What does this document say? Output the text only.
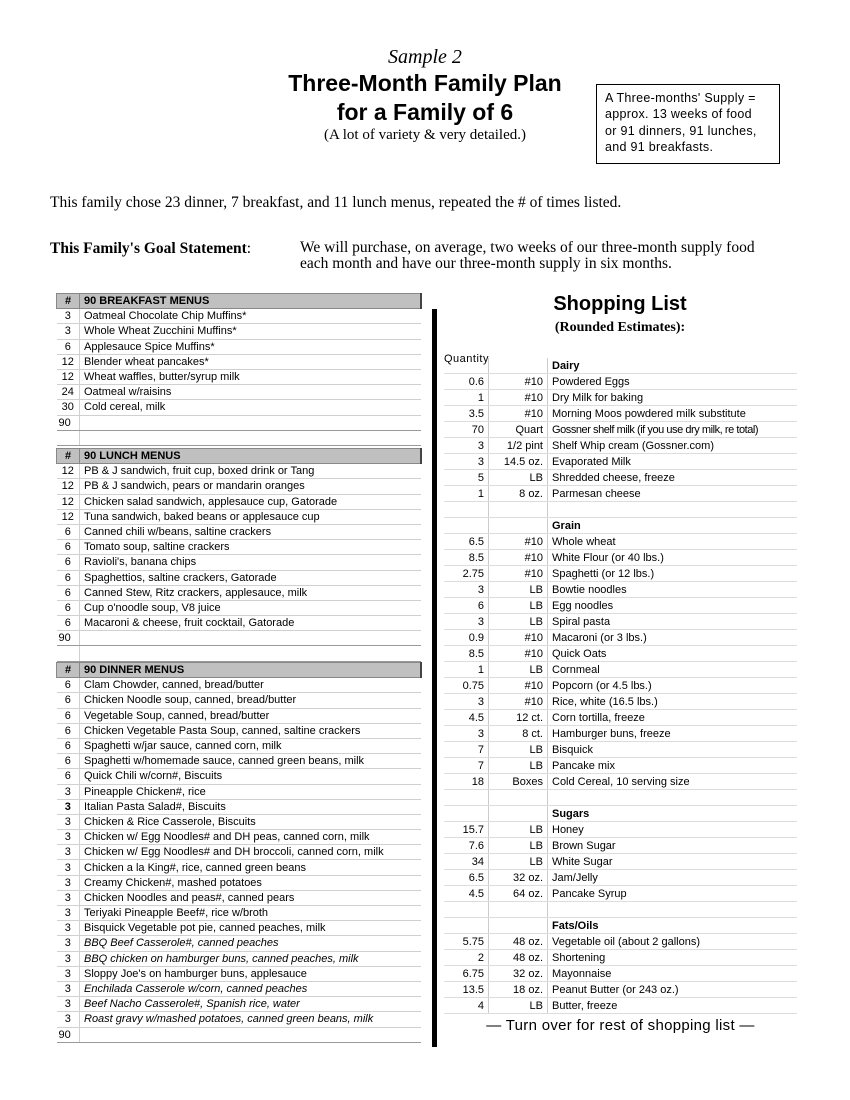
Sample 2
Three-Month Family Plan
for a Family of 6
(A lot of variety & very detailed.)
A Three-months' Supply =
approx. 13 weeks of food
or 91 dinners, 91 lunches,
and 91 breakfasts.
This family chose 23 dinner, 7 breakfast, and 11 lunch menus, repeated the # of times listed.
This Family's Goal Statement:	We will purchase, on average, two weeks of our three-month supply food
each month and have our three-month supply in six months.
#	90 BREAKFAST MENUS
3	Oatmeal Chocolate Chip Muffins*
3	Whole Wheat Zucchini Muffins*
6	Applesauce Spice Muffins*
12	Blender wheat pancakes*
12	Wheat waffles, butter/syrup milk
24	Oatmeal w/raisins
30	Cold cereal, milk
90	

#	90 LUNCH MENUS
12	PB & J sandwich, fruit cup, boxed drink or Tang
12	PB & J sandwich, pears or mandarin oranges
12	Chicken salad sandwich, applesauce cup, Gatorade
12	Tuna sandwich, baked beans or applesauce cup
6	Canned chili w/beans, saltine crackers
6	Tomato soup, saltine crackers
6	Ravioli's, banana chips
6	Spaghettios, saltine crackers, Gatorade
6	Canned Stew, Ritz crackers, applesauce, milk
6	Cup o'noodle soup, V8 juice
6	Macaroni & cheese, fruit cocktail, Gatorade
90	

#	90 DINNER MENUS
6	Clam Chowder, canned, bread/butter
6	Chicken Noodle soup, canned, bread/butter
6	Vegetable Soup, canned, bread/butter
6	Chicken Vegetable Pasta Soup, canned, saltine crackers
6	Spaghetti w/jar sauce, canned corn, milk
6	Spaghetti w/homemade sauce, canned green beans, milk
6	Quick Chili w/corn#, Biscuits
3	Pineapple Chicken#, rice
3	Italian Pasta Salad#, Biscuits
3	Chicken & Rice Casserole, Biscuits
3	Chicken w/ Egg Noodles# and DH peas, canned corn, milk
3	Chicken w/ Egg Noodles# and DH broccoli, canned corn, milk
3	Chicken a la King#, rice, canned green beans
3	Creamy Chicken#, mashed potatoes
3	Chicken Noodles and peas#, canned pears
3	Teriyaki Pineapple Beef#, rice w/broth
3	Bisquick Vegetable pot pie, canned peaches, milk
3	BBQ Beef Casserole#, canned peaches
3	BBQ chicken on hamburger buns, canned peaches, milk
3	Sloppy Joe's on hamburger buns, applesauce
3	Enchilada Casserole w/corn, canned peaches
3	Beef Nacho Casserole#, Spanish rice, water
3	Roast gravy w/mashed potatoes, canned green beans, milk
90	
Shopping List
(Rounded Estimates):
Quantity
		Dairy
0.6	#10	Powdered Eggs
1	#10	Dry Milk for baking
3.5	#10	Morning Moos powdered milk substitute
70	Quart	Gossner shelf milk (if you use dry milk, re total)
3	1/2 pint	Shelf Whip cream (Gossner.com)
3	14.5 oz.	Evaporated Milk
5	LB	Shredded cheese, freeze
1	8 oz.	Parmesan cheese

		Grain
6.5	#10	Whole wheat
8.5	#10	White Flour (or 40 lbs.)
2.75	#10	Spaghetti (or 12 lbs.)
3	LB	Bowtie noodles
6	LB	Egg noodles
3	LB	Spiral pasta
0.9	#10	Macaroni (or 3 lbs.)
8.5	#10	Quick Oats
1	LB	Cornmeal
0.75	#10	Popcorn (or 4.5 lbs.)
3	#10	Rice, white (16.5 lbs.)
4.5	12 ct.	Corn tortilla, freeze
3	8 ct.	Hamburger buns, freeze
7	LB	Bisquick
7	LB	Pancake mix
18	Boxes	Cold Cereal, 10 serving size

		Sugars
15.7	LB	Honey
7.6	LB	Brown Sugar
34	LB	White Sugar
6.5	32 oz.	Jam/Jelly
4.5	64 oz.	Pancake Syrup

		Fats/Oils
5.75	48 oz.	Vegetable oil (about 2 gallons)
2	48 oz.	Shortening
6.75	32 oz.	Mayonnaise
13.5	18 oz.	Peanut Butter (or 243 oz.)
4	LB	Butter, freeze
— Turn over for rest of shopping list —
